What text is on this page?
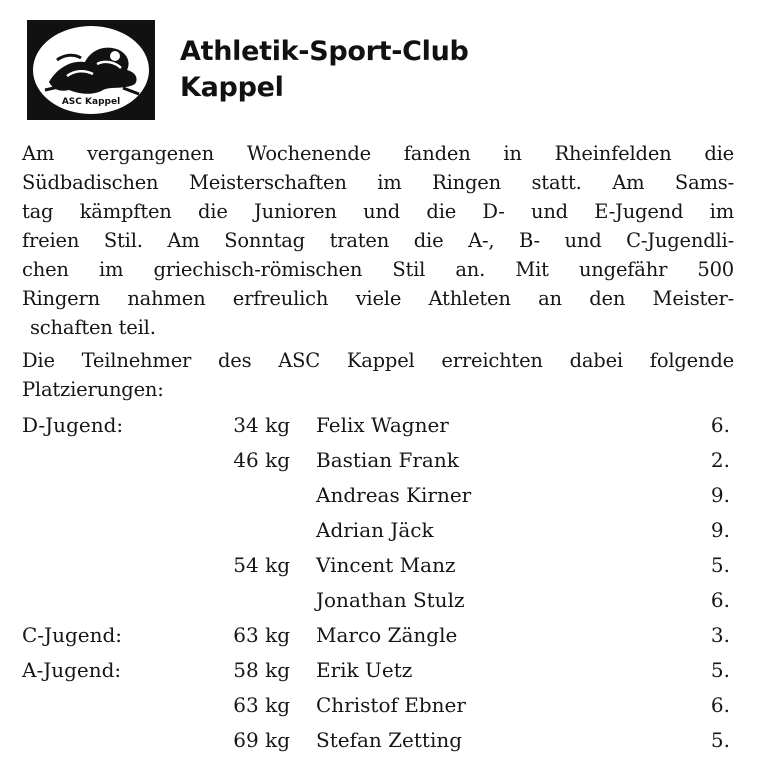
ASC Kappel
Athletik-Sport-Club
Kappel
Am vergangenen Wochenende fanden in Rheinfelden die
Südbadischen Meisterschaften im Ringen statt. Am Sams-
tag kämpften die Junioren und die D- und E-Jugend im
freien Stil. Am Sonntag traten die A-, B- und C-Jugendli-
chen im griechisch-römischen Stil an. Mit ungefähr 500
Ringern nahmen erfreulich viele Athleten an den Meister-
schaften teil.
Die Teilnehmer des ASC Kappel erreichten dabei folgende
Platzierungen:
D-Jugend:	34 kg Felix Wagner	6.
46 kg Bastian Frank	2.
Andreas Kirner	9.
Adrian Jäck	9.
54 kg Vincent Manz	5.
Jonathan Stulz	6.
C-Jugend:	63 kg Marco Zängle	3.
A-Jugend:	58 kg Erik Uetz	5.
63 kg Christof Ebner	6.
69 kg Stefan Zetting	5.
